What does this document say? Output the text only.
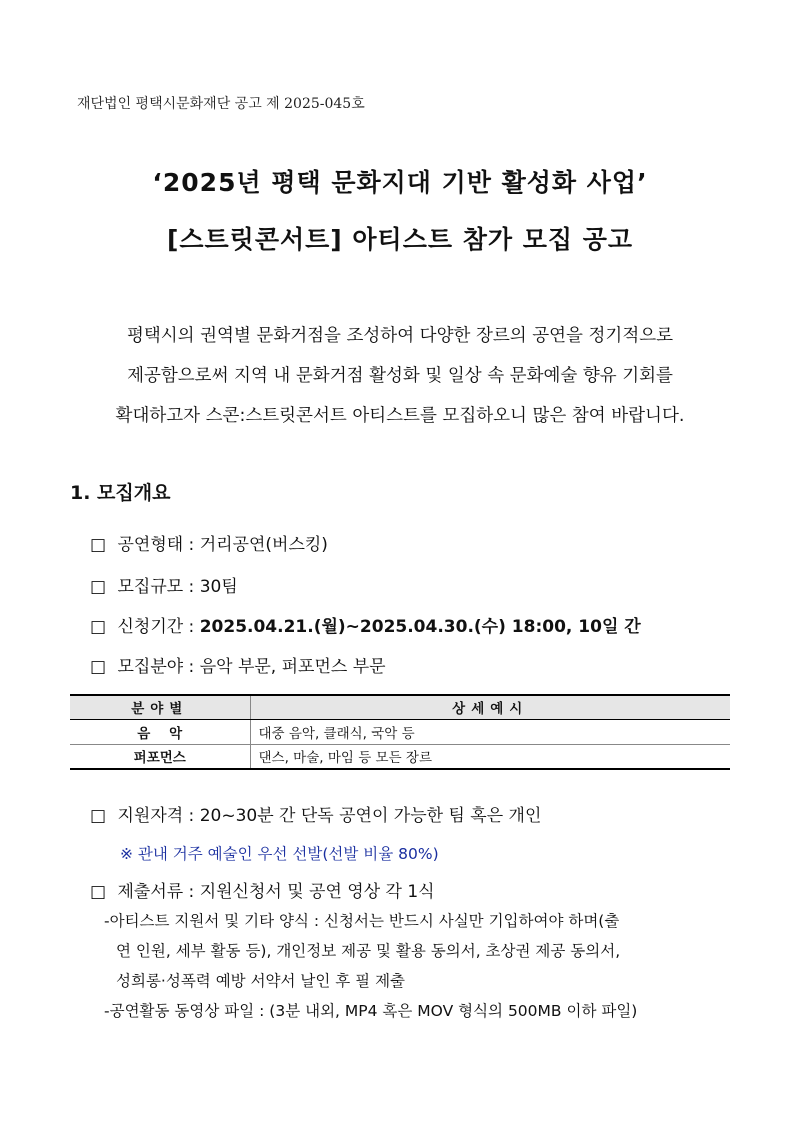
재단법인 평택시문화재단 공고 제 2025-045호
‘2025년 평택 문화지대 기반 활성화 사업’
[스트릿콘서트] 아티스트 참가 모집 공고

평택시의 권역별 문화거점을 조성하여 다양한 장르의 공연을 정기적으로

제공함으로써 지역 내 문화거점 활성화 및 일상 속 문화예술 향유 기회를

확대하고자 스콘:스트릿콘서트 아티스트를 모집하오니 많은 참여 바랍니다.

1. 모집개요
□ 공연형태 : 거리공연(버스킹)
□ 모집규모 : 30팀
□ 신청기간 : 2025.04.21.(월)~2025.04.30.(수) 18:00, 10일 간
□ 모집분야 : 음악 부문, 퍼포먼스 부문
분야별	상세예시
음    악	대중 음악, 클래식, 국악 등
퍼포먼스	댄스, 마술, 마임 등 모든 장르
□ 지원자격 : 20~30분 간 단독 공연이 가능한 팀 혹은 개인
※ 관내 거주 예술인 우선 선발(선발 비율 80%)
□ 제출서류 : 지원신청서 및 공연 영상 각 1식
-아티스트 지원서 및 기타 양식 : 신청서는 반드시 사실만 기입하여야 하며(출
연 인원, 세부 활동 등), 개인정보 제공 및 활용 동의서, 초상권 제공 동의서,
성희롱·성폭력 예방 서약서 날인 후 필 제출
-공연활동 동영상 파일 : (3분 내외, MP4 혹은 MOV 형식의 500MB 이하 파일)
